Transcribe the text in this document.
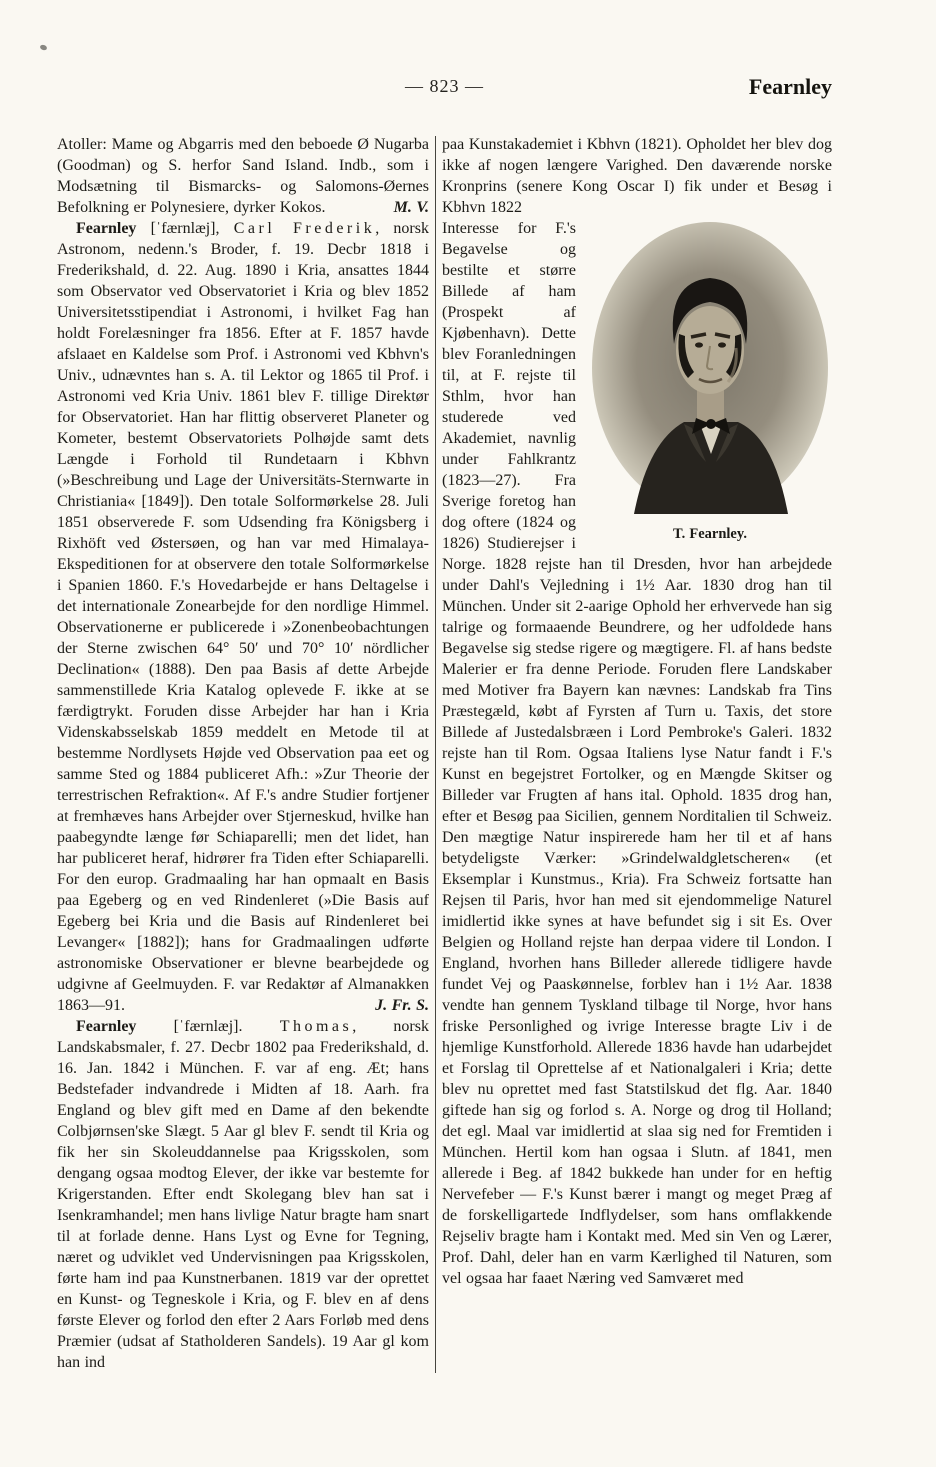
— 823 —	Fearnley

Atoller: Mame og Abgarris med den beboede Ø Nugarba (Goodman) og S. herfor Sand Island. Indb., som i Modsætning til Bismarcks- og Salomons-Øernes Befolkning er Polynesiere, dyrker Kokos.	M. V.

Fearnley [ˈfærnlæj], Carl Frederik, norsk Astronom, nedenn.'s Broder, f. 19. Decbr 1818 i Frederikshald, d. 22. Aug. 1890 i Kria, ansattes 1844 som Observator ved Observatoriet i Kria og blev 1852 Universitetsstipendiat i Astronomi, i hvilket Fag han holdt Forelæsninger fra 1856. Efter at F. 1857 havde afslaaet en Kaldelse som Prof. i Astronomi ved Kbhvn's Univ., udnævntes han s. A. til Lektor og 1865 til Prof. i Astronomi ved Kria Univ. 1861 blev F. tillige Direktør for Observatoriet. Han har flittig observeret Planeter og Kometer, bestemt Observatoriets Polhøjde samt dets Længde i Forhold til Rundetaarn i Kbhvn (»Beschreibung und Lage der Universitäts-Sternwarte in Christiania« [1849]). Den totale Solformørkelse 28. Juli 1851 observerede F. som Udsending fra Königsberg i Rixhöft ved Østersøen, og han var med Himalaya-Ekspeditionen for at observere den totale Solformørkelse i Spanien 1860. F.'s Hovedarbejde er hans Deltagelse i det internationale Zonearbejde for den nordlige Himmel. Observationerne er publicerede i »Zonenbeobachtungen der Sterne zwischen 64° 50′ und 70° 10′ nördlicher Declination« (1888). Den paa Basis af dette Arbejde sammenstillede Kria Katalog oplevede F. ikke at se færdigtrykt. Foruden disse Arbejder har han i Kria Videnskabsselskab 1859 meddelt en Metode til at bestemme Nordlysets Højde ved Observation paa eet og samme Sted og 1884 publiceret Afh.: »Zur Theorie der terrestrischen Refraktion«. Af F.'s andre Studier fortjener at fremhæves hans Arbejder over Stjerneskud, hvilke han paabegyndte længe før Schiaparelli; men det lidet, han har publiceret heraf, hidrører fra Tiden efter Schiaparelli. For den europ. Gradmaaling har han opmaalt en Basis paa Egeberg og en ved Rindenleret (»Die Basis auf Egeberg bei Kria und die Basis auf Rindenleret bei Levanger« [1882]); hans for Gradmaalingen udførte astronomiske Observationer er blevne bearbejdede og udgivne af Geelmuyden. F. var Redaktør af Almanakken 1863—91.	J. Fr. S.

Fearnley [ˈfærnlæj]. Thomas, norsk Landskabsmaler, f. 27. Decbr 1802 paa Frederikshald, d. 16. Jan. 1842 i München. F. var af eng. Æt; hans Bedstefader indvandrede i Midten af 18. Aarh. fra England og blev gift med en Dame af den bekendte Colbjørnsen'ske Slægt. 5 Aar gl blev F. sendt til Kria og fik her sin Skoleuddannelse paa Krigsskolen, som dengang ogsaa modtog Elever, der ikke var bestemte for Krigerstanden. Efter endt Skolegang blev han sat i Isenkramhandel; men hans livlige Natur bragte ham snart til at forlade denne. Hans Lyst og Evne for Tegning, næret og udviklet ved Undervisningen paa Krigsskolen, førte ham ind paa Kunstnerbanen. 1819 var der oprettet en Kunst- og Tegneskole i Kria, og F. blev en af dens første Elever og forlod den efter 2 Aars Forløb med dens Præmier (udsat af Statholderen Sandels). 19 Aar gl kom han ind

paa Kunstakademiet i Kbhvn (1821). Opholdet her blev dog ikke af nogen længere Varighed. Den daværende norske Kronprins (senere Kong Oscar I) fik under et Besøg i Kbhvn 1822

T. Fearnley.
Interesse for F.'s Begavelse og bestilte et større Billede af ham (Prospekt af Kjøbenhavn). Dette blev Foranledningen til, at F. rejste til Sthlm, hvor han studerede ved Akademiet, navnlig under Fahlkrantz (1823—27). Fra Sverige foretog han dog oftere (1824 og 1826) Studierejser i Norge. 1828 rejste han til Dresden, hvor han arbejdede under Dahl's Vejledning i 1½ Aar. 1830 drog han til München. Under sit 2-aarige Ophold her erhvervede han sig talrige og formaaende Beundrere, og her udfoldede hans Begavelse sig stedse rigere og mægtigere. Fl. af hans bedste Malerier er fra denne Periode. Foruden flere Landskaber med Motiver fra Bayern kan nævnes: Landskab fra Tins Præstegæld, købt af Fyrsten af Turn u. Taxis, det store Billede af Justedalsbræen i Lord Pembroke's Galeri. 1832 rejste han til Rom. Ogsaa Italiens lyse Natur fandt i F.'s Kunst en begejstret Fortolker, og en Mængde Skitser og Billeder var Frugten af hans ital. Ophold. 1835 drog han, efter et Besøg paa Sicilien, gennem Norditalien til Schweiz. Den mægtige Natur inspirerede ham her til et af hans betydeligste Værker: »Grindelwaldgletscheren« (et Eksemplar i Kunstmus., Kria). Fra Schweiz fortsatte han Rejsen til Paris, hvor han med sit ejendommelige Naturel imidlertid ikke synes at have befundet sig i sit Es. Over Belgien og Holland rejste han derpaa videre til London. I England, hvorhen hans Billeder allerede tidligere havde fundet Vej og Paaskønnelse, forblev han i 1½ Aar. 1838 vendte han gennem Tyskland tilbage til Norge, hvor hans friske Personlighed og ivrige Interesse bragte Liv i de hjemlige Kunstforhold. Allerede 1836 havde han udarbejdet et Forslag til Oprettelse af et Nationalgaleri i Kria; dette blev nu oprettet med fast Statstilskud det flg. Aar. 1840 giftede han sig og forlod s. A. Norge og drog til Holland; det egl. Maal var imidlertid at slaa sig ned for Fremtiden i München. Hertil kom han ogsaa i Slutn. af 1841, men allerede i Beg. af 1842 bukkede han under for en heftig Nervefeber — F.'s Kunst bærer i mangt og meget Præg af de forskelligartede Indflydelser, som hans omflakkende Rejseliv bragte ham i Kontakt med. Med sin Ven og Lærer, Prof. Dahl, deler han en varm Kærlighed til Naturen, som vel ogsaa har faaet Næring ved Samværet med
